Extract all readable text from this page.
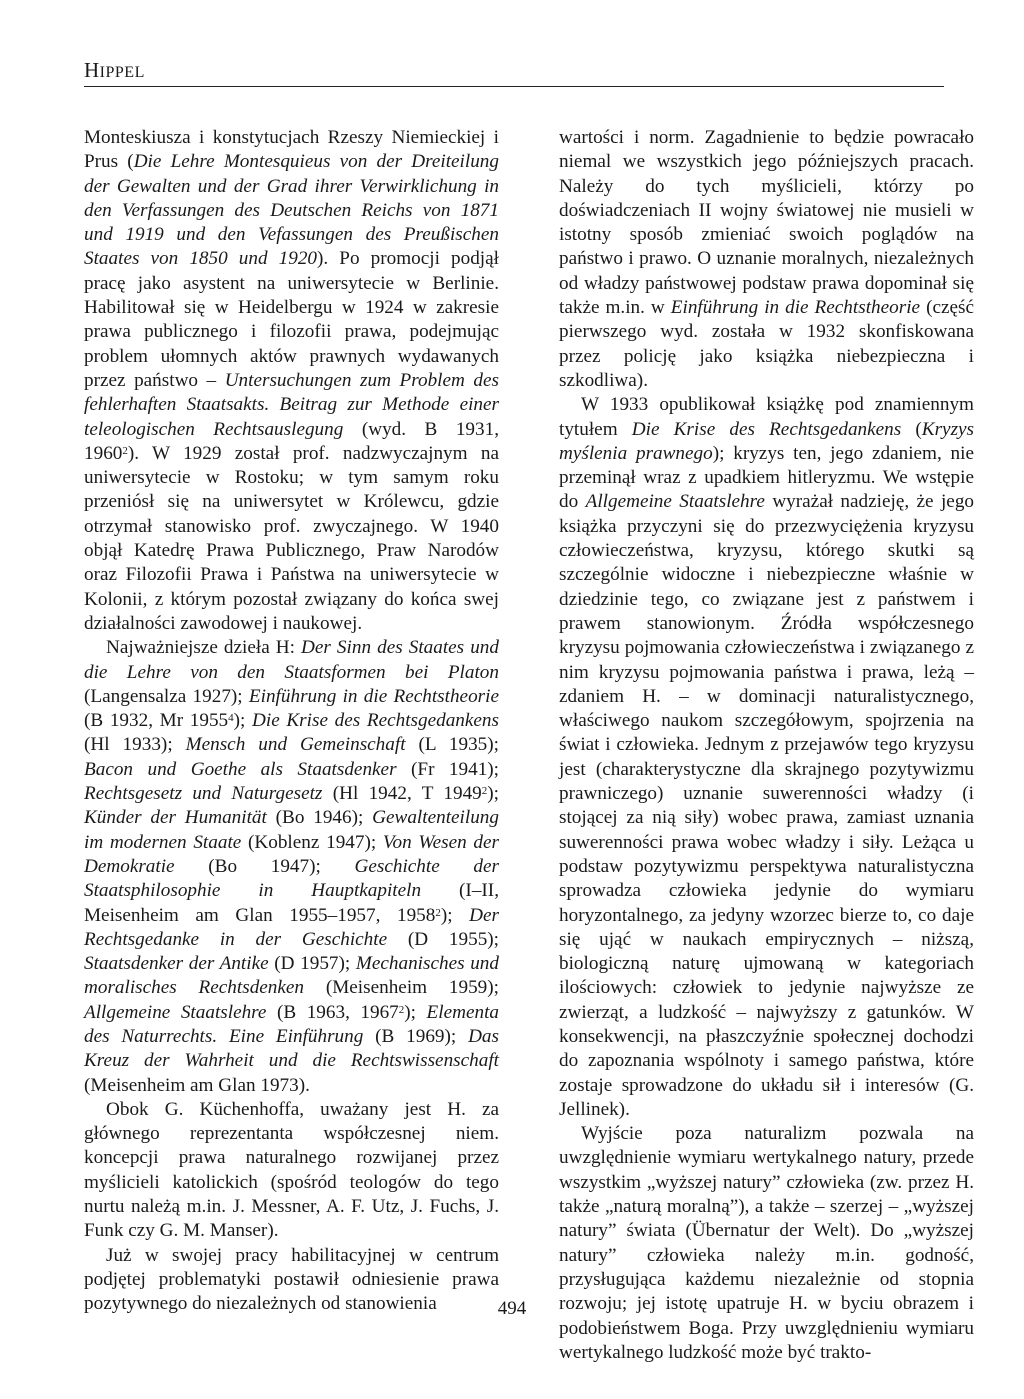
HIPPEL

Monteskiusza i konstytucjach Rzeszy Niemieckiej i Prus (Die Lehre Montesquieus von der Dreiteilung der Gewalten und der Grad ihrer Verwirklichung in den Verfassungen des Deutschen Reichs von 1871 und 1919 und den Vefassungen des Preußischen Staates von 1850 und 1920). Po promocji podjął pracę jako asystent na uniwersytecie w Berlinie. Habilitował się w Heidelbergu w 1924 w zakresie prawa publicznego i filozofii prawa, podejmując problem ułomnych aktów prawnych wydawanych przez państwo – Untersuchungen zum Problem des fehlerhaften Staatsakts. Beitrag zur Methode einer teleologischen Rechtsauslegung (wyd. B 1931, 1960$^2$). W 1929 został prof. nadzwyczajnym na uniwersytecie w Rostoku; w tym samym roku przeniósł się na uniwersytet w Królewcu, gdzie otrzymał stanowisko prof. zwyczajnego. W 1940 objął Katedrę Prawa Publicznego, Praw Narodów oraz Filozofii Prawa i Państwa na uniwersytecie w Kolonii, z którym pozostał związany do końca swej działalności zawodowej i naukowej.

Najważniejsze dzieła H: Der Sinn des Staates und die Lehre von den Staatsformen bei Platon (Langensalza 1927); Einführung in die Rechtstheorie (B 1932, Mr 1955$^4$); Die Krise des Rechtsgedankens (Hl 1933); Mensch und Gemeinschaft (L 1935); Bacon und Goethe als Staatsdenker (Fr 1941); Rechtsgesetz und Naturgesetz (Hl 1942, T 1949$^2$); Künder der Humanität (Bo 1946); Gewaltenteilung im modernen Staate (Koblenz 1947); Von Wesen der Demokratie (Bo 1947); Geschichte der Staatsphilosophie in Hauptkapiteln (I–II, Meisenheim am Glan 1955–1957, 1958$^2$); Der Rechtsgedanke in der Geschichte (D 1955); Staatsdenker der Antike (D 1957); Mechanisches und moralisches Rechtsdenken (Meisenheim 1959); Allgemeine Staatslehre (B 1963, 1967$^2$); Elementa des Naturrechts. Eine Einführung (B 1969); Das Kreuz der Wahrheit und die Rechtswissenschaft (Meisenheim am Glan 1973).

Obok G. Küchenhoffa, uważany jest H. za głównego reprezentanta współczesnej niem. koncepcji prawa naturalnego rozwijanej przez myślicieli katolickich (spośród teologów do tego nurtu należą m.in. J. Messner, A. F. Utz, J. Fuchs, J. Funk czy G. M. Manser).

Już w swojej pracy habilitacyjnej w centrum podjętej problematyki postawił odniesienie prawa pozytywnego do niezależnych od stanowienia

wartości i norm. Zagadnienie to będzie powracało niemal we wszystkich jego późniejszych pracach. Należy do tych myślicieli, którzy po doświadczeniach II wojny światowej nie musieli w istotny sposób zmieniać swoich poglądów na państwo i prawo. O uznanie moralnych, niezależnych od władzy państwowej podstaw prawa dopominał się także m.in. w Einführung in die Rechtstheorie (część pierwszego wyd. została w 1932 skonfiskowana przez policję jako książka niebezpieczna i szkodliwa).

W 1933 opublikował książkę pod znamiennym tytułem Die Krise des Rechtsgedankens (Kryzys myślenia prawnego); kryzys ten, jego zdaniem, nie przeminął wraz z upadkiem hitleryzmu. We wstępie do Allgemeine Staatslehre wyrażał nadzieję, że jego książka przyczyni się do przezwyciężenia kryzysu człowieczeństwa, kryzysu, którego skutki są szczególnie widoczne i niebezpieczne właśnie w dziedzinie tego, co związane jest z państwem i prawem stanowionym. Źródła współczesnego kryzysu pojmowania człowieczeństwa i związanego z nim kryzysu pojmowania państwa i prawa, leżą – zdaniem H. – w dominacji naturalistycznego, właściwego naukom szczegółowym, spojrzenia na świat i człowieka. Jednym z przejawów tego kryzysu jest (charakterystyczne dla skrajnego pozytywizmu prawniczego) uznanie suwerenności władzy (i stojącej za nią siły) wobec prawa, zamiast uznania suwerenności prawa wobec władzy i siły. Leżąca u podstaw pozytywizmu perspektywa naturalistyczna sprowadza człowieka jedynie do wymiaru horyzontalnego, za jedyny wzorzec bierze to, co daje się ująć w naukach empirycznych – niższą, biologiczną naturę ujmowaną w kategoriach ilościowych: człowiek to jedynie najwyższe ze zwierząt, a ludzkość – najwyższy z gatunków. W konsekwencji, na płaszczyźnie społecznej dochodzi do zapoznania wspólnoty i samego państwa, które zostaje sprowadzone do układu sił i interesów (G. Jellinek).

Wyjście poza naturalizm pozwala na uwzględnienie wymiaru wertykalnego natury, przede wszystkim „wyższej natury” człowieka (zw. przez H. także „naturą moralną”), a także – szerzej – „wyższej natury” świata (Übernatur der Welt). Do „wyższej natury” człowieka należy m.in. godność, przysługująca każdemu niezależnie od stopnia rozwoju; jej istotę upatruje H. w byciu obrazem i podobieństwem Boga. Przy uwzględnieniu wymiaru wertykalnego ludzkość może być trakto-

494
